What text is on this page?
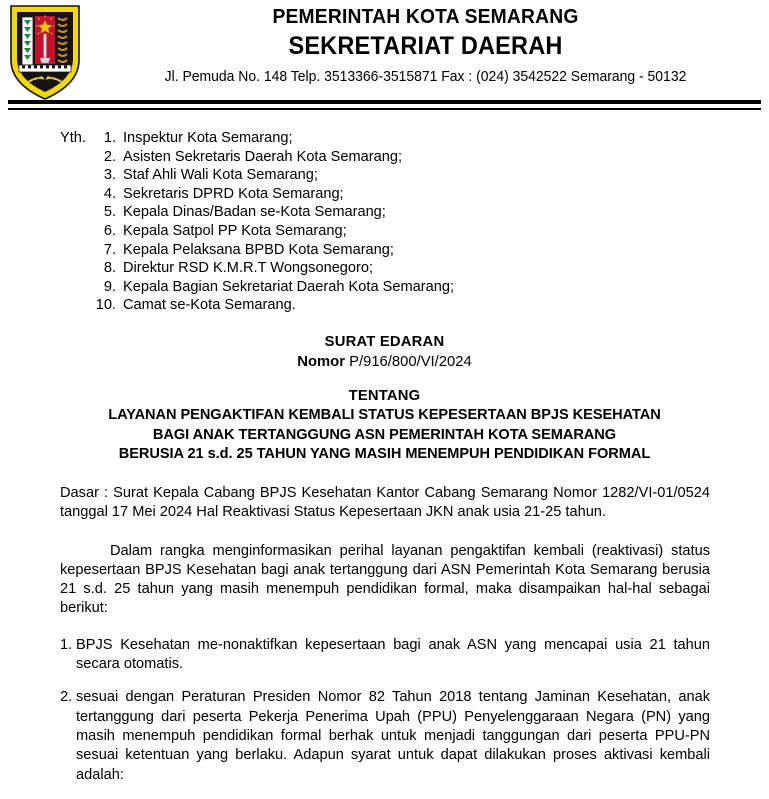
PEMERINTAH KOTA SEMARANG
SEKRETARIAT DAERAH
Jl. Pemuda No. 148 Telp. 3513366-3515871 Fax : (024) 3542522 Semarang - 50132
Yth.	1. Inspektur Kota Semarang;
2. Asisten Sekretaris Daerah Kota Semarang;
3. Staf Ahli Wali Kota Semarang;
4. Sekretaris DPRD Kota Semarang;
5. Kepala Dinas/Badan se-Kota Semarang;
6. Kepala Satpol PP Kota Semarang;
7. Kepala Pelaksana BPBD Kota Semarang;
8. Direktur RSD K.M.R.T Wongsonegoro;
9. Kepala Bagian Sekretariat Daerah Kota Semarang;
10. Camat se-Kota Semarang.
SURAT EDARAN
Nomor P/916/800/VI/2024
TENTANG
LAYANAN PENGAKTIFAN KEMBALI STATUS KEPESERTAAN BPJS KESEHATAN
BAGI ANAK TERTANGGUNG ASN PEMERINTAH KOTA SEMARANG
BERUSIA 21 s.d. 25 TAHUN YANG MASIH MENEMPUH PENDIDIKAN FORMAL
Dasar : Surat Kepala Cabang BPJS Kesehatan Kantor Cabang Semarang Nomor 1282/VI-01/0524 tanggal 17 Mei 2024 Hal Reaktivasi Status Kepesertaan JKN anak usia 21-25 tahun.
Dalam rangka menginformasikan perihal layanan pengaktifan kembali (reaktivasi) status kepesertaan BPJS Kesehatan bagi anak tertanggung dari ASN Pemerintah Kota Semarang berusia 21 s.d. 25 tahun yang masih menempuh pendidikan formal, maka disampaikan hal-hal sebagai berikut:
1. BPJS Kesehatan me-nonaktifkan kepesertaan bagi anak ASN yang mencapai usia 21 tahun secara otomatis.
2. sesuai dengan Peraturan Presiden Nomor 82 Tahun 2018 tentang Jaminan Kesehatan, anak tertanggung dari peserta Pekerja Penerima Upah (PPU) Penyelenggaraan Negara (PN) yang masih menempuh pendidikan formal berhak untuk menjadi tanggungan dari peserta PPU-PN sesuai ketentuan yang berlaku. Adapun syarat untuk dapat dilakukan proses aktivasi kembali adalah:
